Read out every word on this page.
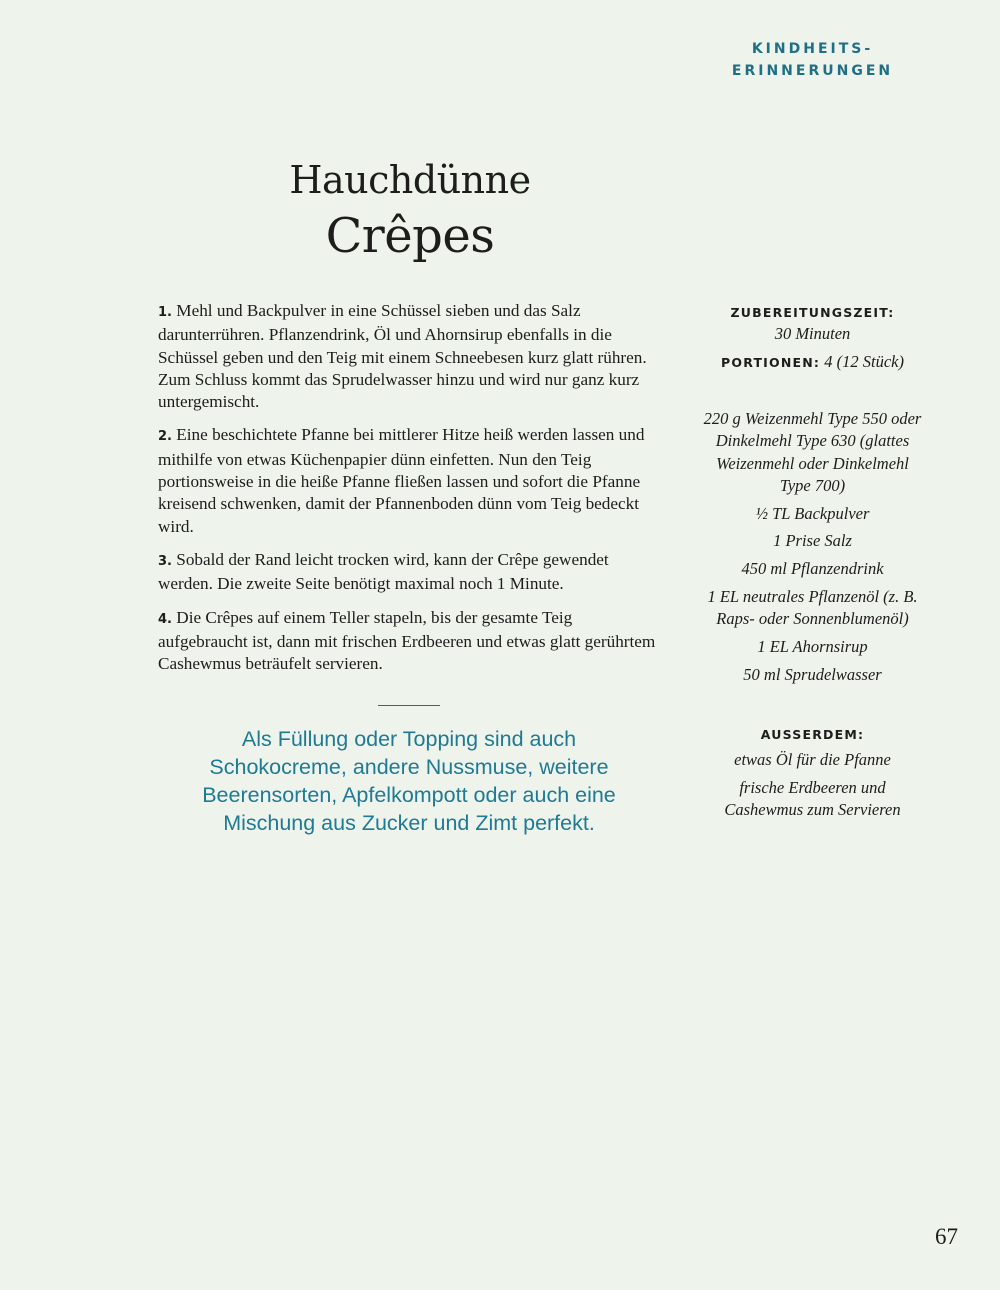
KINDHEITS-
ERINNERUNGEN
Hauchdünne
Crêpes

1. Mehl und Backpulver in eine Schüssel sieben und das Salz darunterrühren. Pflanzendrink, Öl und Ahornsirup ebenfalls in die Schüssel geben und den Teig mit einem Schneebesen kurz glatt rühren. Zum Schluss kommt das Sprudelwasser hinzu und wird nur ganz kurz untergemischt.

2. Eine beschichtete Pfanne bei mittlerer Hitze heiß werden lassen und mithilfe von etwas Küchenpapier dünn einfetten. Nun den Teig portionsweise in die heiße Pfanne fließen lassen und sofort die Pfanne kreisend schwenken, damit der Pfannenboden dünn vom Teig bedeckt wird.

3. Sobald der Rand leicht trocken wird, kann der Crêpe gewendet werden. Die zweite Seite benötigt maximal noch 1 Minute.

4. Die Crêpes auf einem Teller stapeln, bis der gesamte Teig aufgebraucht ist, dann mit frischen Erdbeeren und etwas glatt gerührtem Cashewmus beträufelt servieren.

Als Füllung oder Topping sind auch Schokocreme, andere Nussmuse, weitere Beerensorten, Apfelkompott oder auch eine Mischung aus Zucker und Zimt perfekt.

ZUBEREITUNGSZEIT:
30 Minuten
PORTIONEN: 4 (12 Stück)
220 g Weizenmehl Type 550 oder Dinkelmehl Type 630 (glattes Weizenmehl oder Dinkelmehl Type 700)
½ TL Backpulver
1 Prise Salz
450 ml Pflanzendrink
1 EL neutrales Pflanzenöl (z. B. Raps- oder Sonnenblumenöl)
1 EL Ahornsirup
50 ml Sprudelwasser
AUSSERDEM:
etwas Öl für die Pfanne
frische Erdbeeren und Cashewmus zum Servieren
67
